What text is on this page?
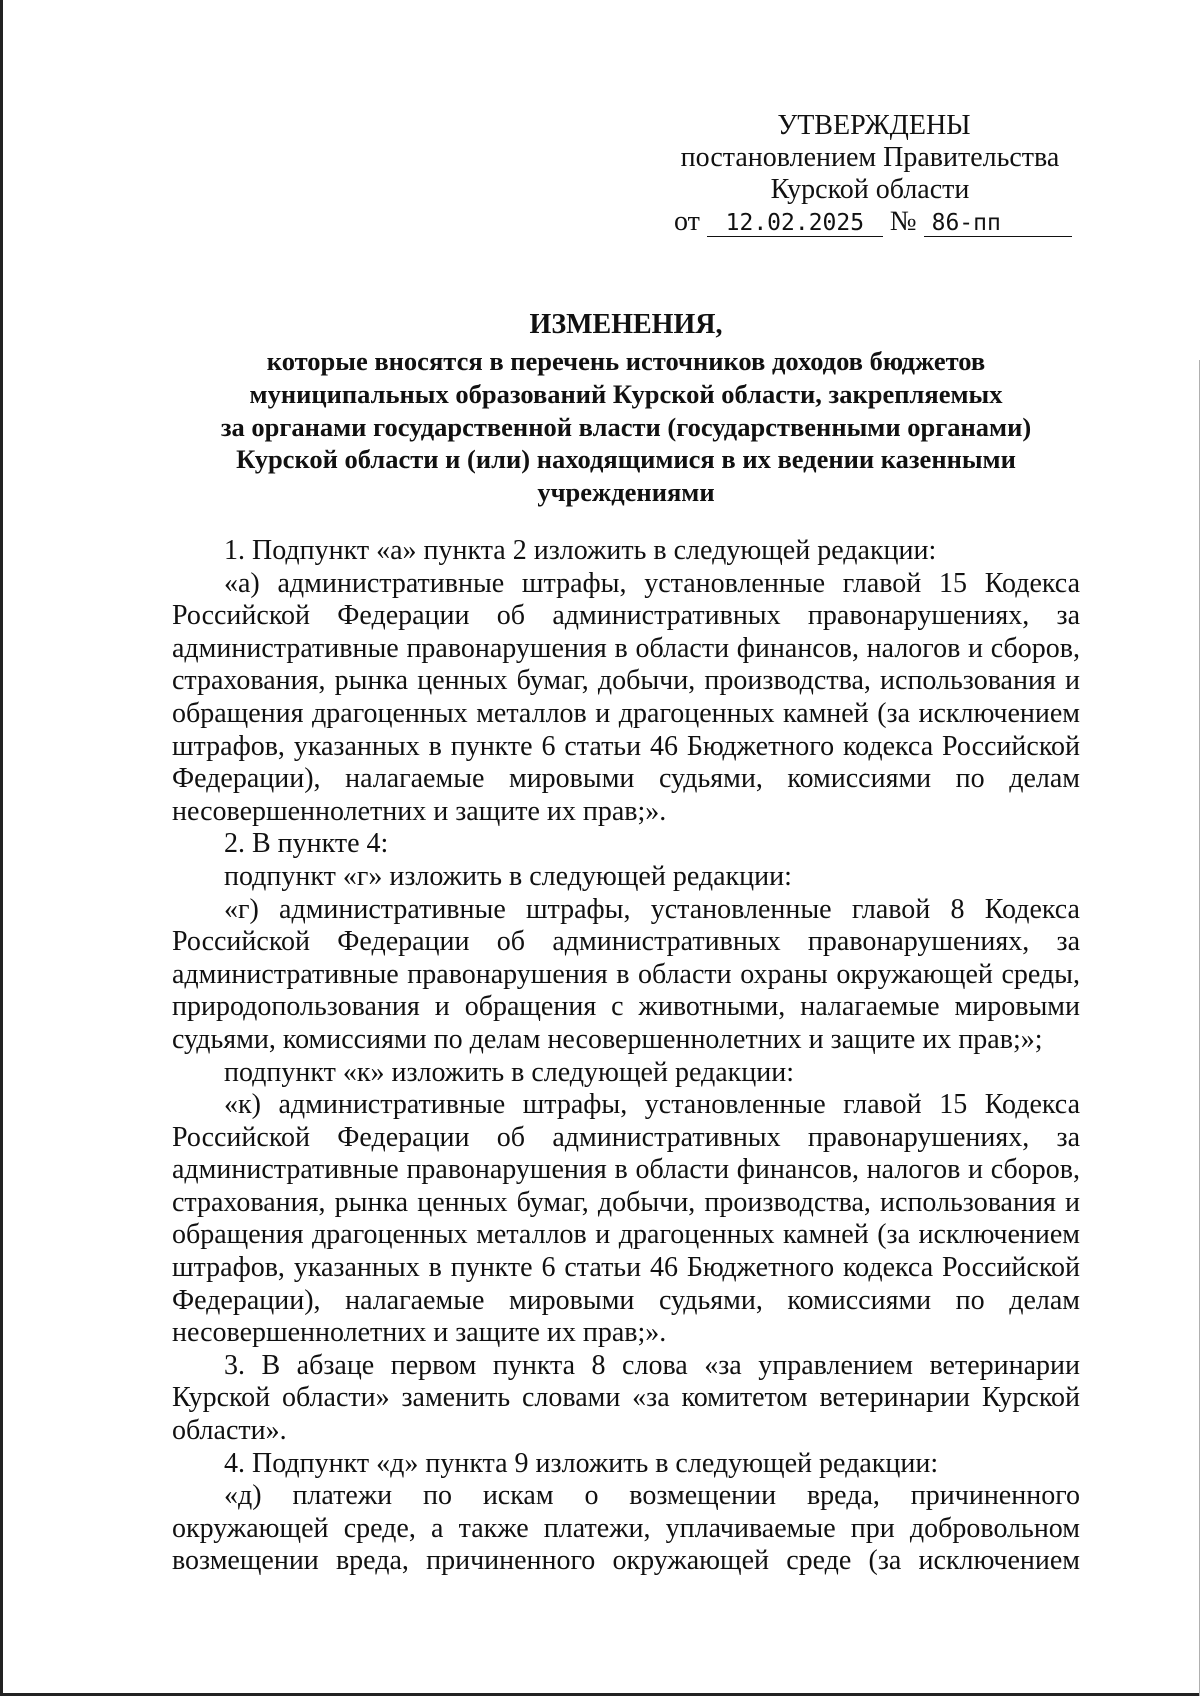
УТВЕРЖДЕНЫ
постановлением Правительства
Курской области
от 12.02.2025 № 86-пп
ИЗМЕНЕНИЯ,
которые вносятся в перечень источников доходов бюджетов
муниципальных образований Курской области, закрепляемых
за органами государственной власти (государственными органами)
Курской области и (или) находящимися в их ведении казенными
учреждениями
1. Подпункт «а» пункта 2 изложить в следующей редакции:
«а) административные штрафы, установленные главой 15 Кодекса
Российской Федерации об административных правонарушениях, за
административные правонарушения в области финансов, налогов и сборов,
страхования, рынка ценных бумаг, добычи, производства, использования и
обращения драгоценных металлов и драгоценных камней (за исключением
штрафов, указанных в пункте 6 статьи 46 Бюджетного кодекса Российской
Федерации), налагаемые мировыми судьями, комиссиями по делам
несовершеннолетних и защите их прав;».
2. В пункте 4:
подпункт «г» изложить в следующей редакции:
«г) административные штрафы, установленные главой 8 Кодекса
Российской Федерации об административных правонарушениях, за
административные правонарушения в области охраны окружающей среды,
природопользования и обращения с животными, налагаемые мировыми
судьями, комиссиями по делам несовершеннолетних и защите их прав;»;
подпункт «к» изложить в следующей редакции:
«к) административные штрафы, установленные главой 15 Кодекса
Российской Федерации об административных правонарушениях, за
административные правонарушения в области финансов, налогов и сборов,
страхования, рынка ценных бумаг, добычи, производства, использования и
обращения драгоценных металлов и драгоценных камней (за исключением
штрафов, указанных в пункте 6 статьи 46 Бюджетного кодекса Российской
Федерации), налагаемые мировыми судьями, комиссиями по делам
несовершеннолетних и защите их прав;».
3. В абзаце первом пункта 8 слова «за управлением ветеринарии
Курской области» заменить словами «за комитетом ветеринарии Курской
области».
4. Подпункт «д» пункта 9 изложить в следующей редакции:
«д) платежи по искам о возмещении вреда, причиненного
окружающей среде, а также платежи, уплачиваемые при добровольном
возмещении вреда, причиненного окружающей среде (за исключением
